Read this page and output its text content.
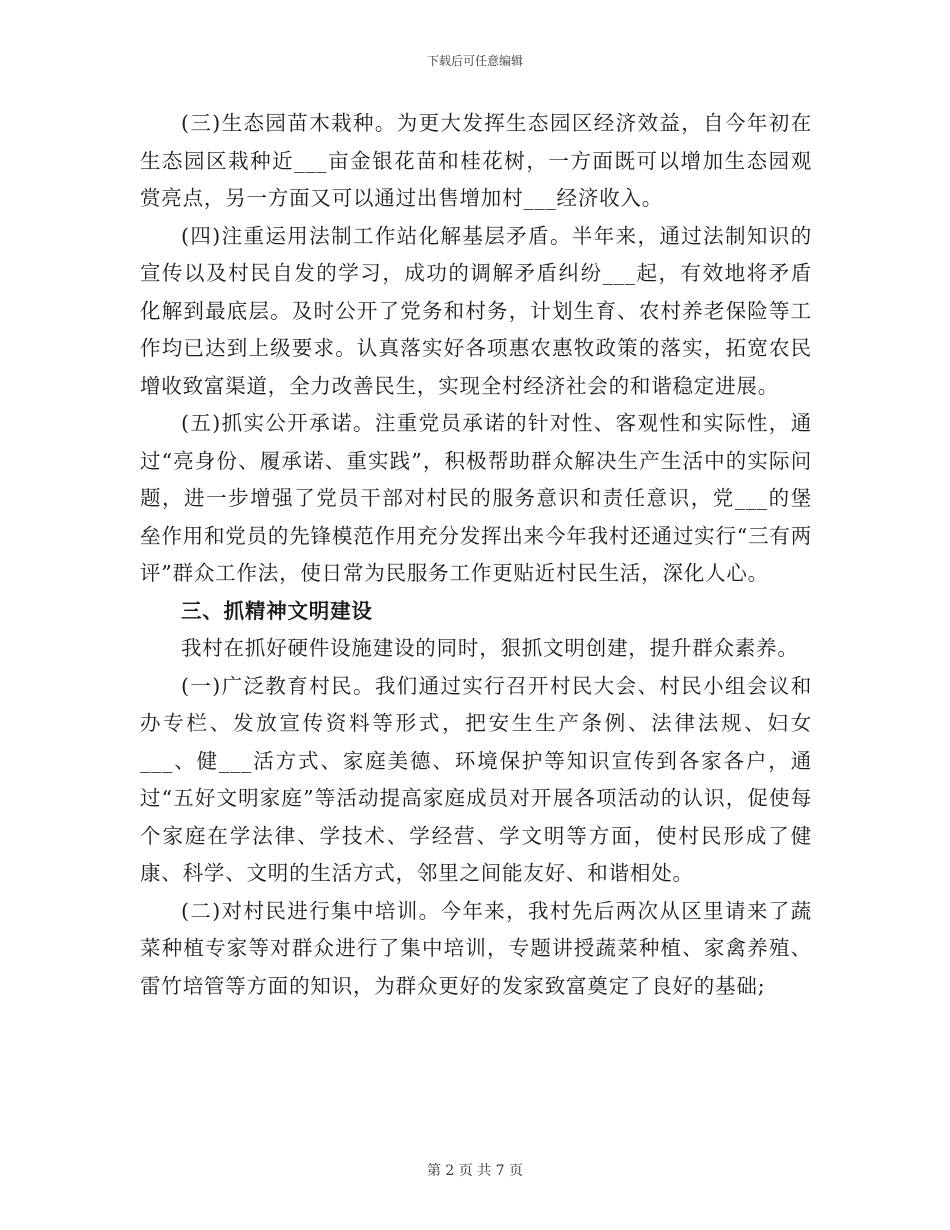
下载后可任意编辑

(三)生态园苗木栽种。为更大发挥生态园区经济效益，自今年初在生态园区栽种近___亩金银花苗和桂花树，一方面既可以增加生态园观赏亮点，另一方面又可以通过出售增加村___经济收入。

(四)注重运用法制工作站化解基层矛盾。半年来，通过法制知识的宣传以及村民自发的学习，成功的调解矛盾纠纷___起，有效地将矛盾化解到最底层。及时公开了党务和村务，计划生育、农村养老保险等工作均已达到上级要求。认真落实好各项惠农惠牧政策的落实，拓宽农民增收致富渠道，全力改善民生，实现全村经济社会的和谐稳定进展。

(五)抓实公开承诺。注重党员承诺的针对性、客观性和实际性，通过“亮身份、履承诺、重实践”，积极帮助群众解决生产生活中的实际问题，进一步增强了党员干部对村民的服务意识和责任意识，党___的堡垒作用和党员的先锋模范作用充分发挥出来今年我村还通过实行“三有两评”群众工作法，使日常为民服务工作更贴近村民生活，深化人心。

三、抓精神文明建设

我村在抓好硬件设施建设的同时，狠抓文明创建，提升群众素养。

(一)广泛教育村民。我们通过实行召开村民大会、村民小组会议和办专栏、发放宣传资料等形式，把安生生产条例、法律法规、妇女___、健___活方式、家庭美德、环境保护等知识宣传到各家各户，通过“五好文明家庭”等活动提高家庭成员对开展各项活动的认识，促使每个家庭在学法律、学技术、学经营、学文明等方面，使村民形成了健康、科学、文明的生活方式，邻里之间能友好、和谐相处。

(二)对村民进行集中培训。今年来，我村先后两次从区里请来了蔬菜种植专家等对群众进行了集中培训，专题讲授蔬菜种植、家禽养殖、雷竹培管等方面的知识，为群众更好的发家致富奠定了良好的基础;

第 2 页 共 7 页
